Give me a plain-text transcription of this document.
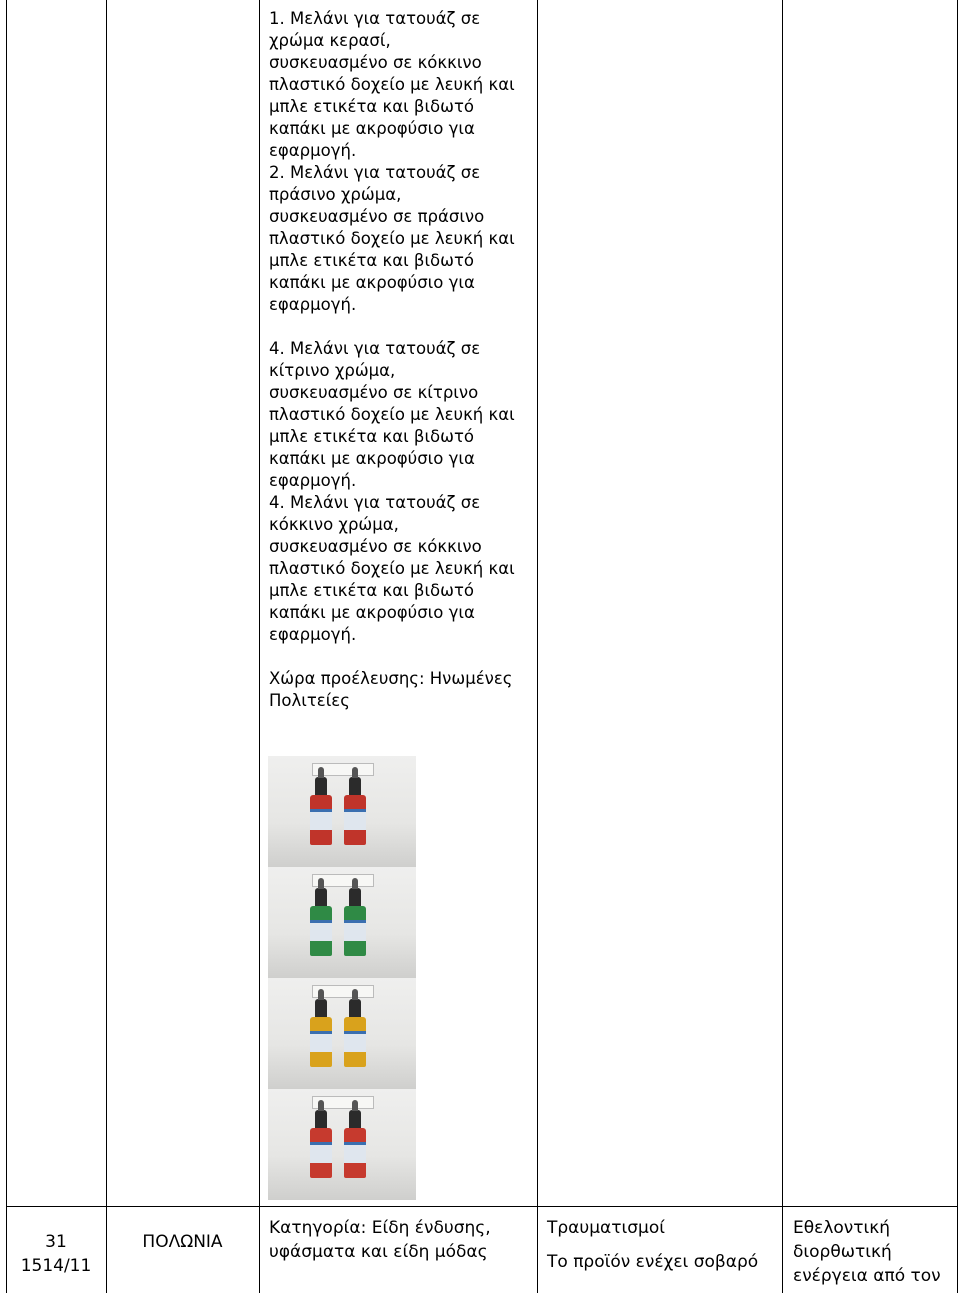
1. Μελάνι για τατουάζ σε
χρώμα κερασί,
συσκευασμένο σε κόκκινο
πλαστικό δοχείο με λευκή και
μπλε ετικέτα και βιδωτό
καπάκι με ακροφύσιο για
εφαρμογή.
2. Μελάνι για τατουάζ σε
πράσινο χρώμα,
συσκευασμένο σε πράσινο
πλαστικό δοχείο με λευκή και
μπλε ετικέτα και βιδωτό
καπάκι με ακροφύσιο για
εφαρμογή.

4. Μελάνι για τατουάζ σε
κίτρινο χρώμα,
συσκευασμένο σε κίτρινο
πλαστικό δοχείο με λευκή και
μπλε ετικέτα και βιδωτό
καπάκι με ακροφύσιο για
εφαρμογή.
4. Μελάνι για τατουάζ σε
κόκκινο χρώμα,
συσκευασμένο σε κόκκινο
πλαστικό δοχείο με λευκή και
μπλε ετικέτα και βιδωτό
καπάκι με ακροφύσιο για
εφαρμογή.

Χώρα προέλευσης: Ηνωμένες
Πολιτείες
31
1514/11
ΠΟΛΩΝΙΑ
Κατηγορία: Είδη ένδυσης,
υφάσματα και είδη μόδας
Τραυματισμοί
Το προϊόν ενέχει σοβαρό
Εθελοντική
διορθωτική
ενέργεια από τον
